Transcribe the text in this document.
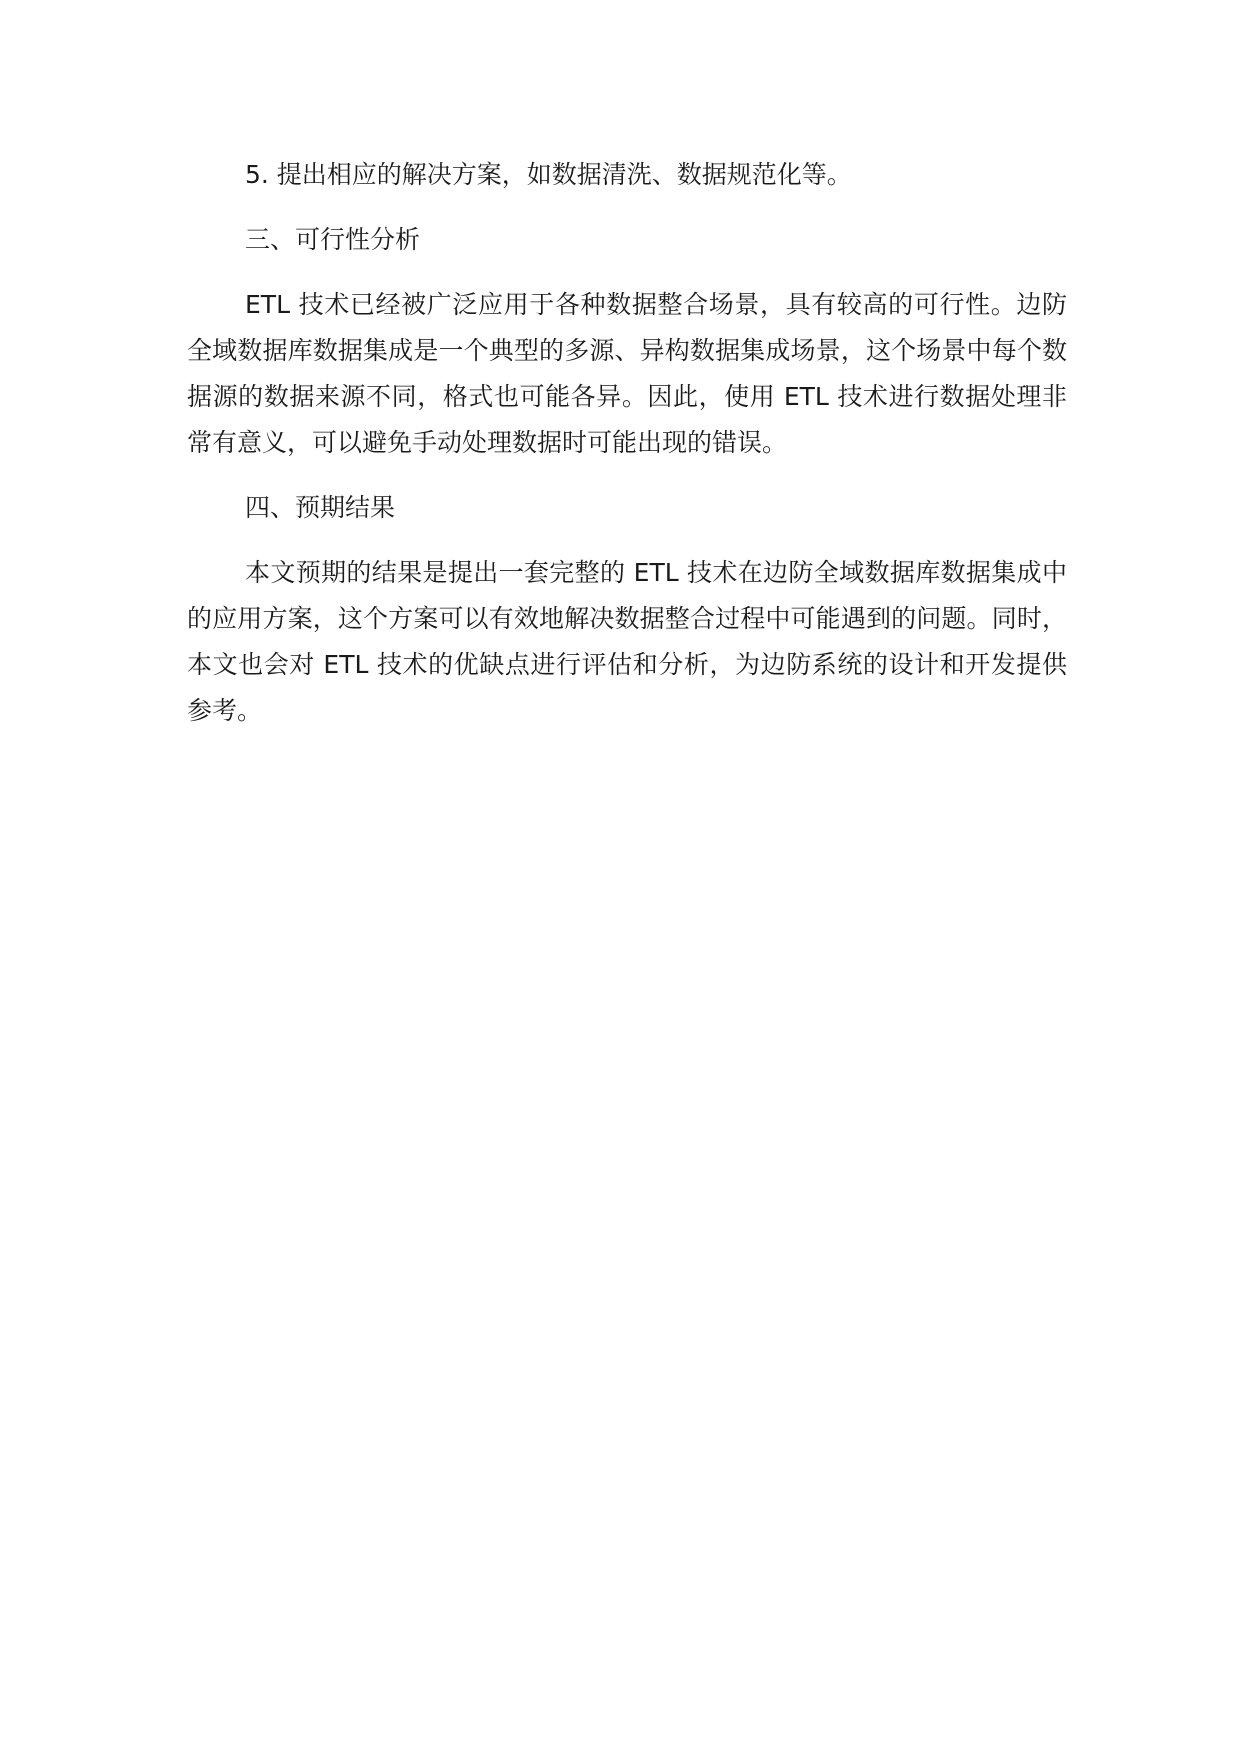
5. 提出相应的解决方案，如数据清洗、数据规范化等。

三、可行性分析

ETL 技术已经被广泛应用于各种数据整合场景，具有较高的可行性。边防全域数据库数据集成是一个典型的多源、异构数据集成场景，这个场景中每个数据源的数据来源不同，格式也可能各异。因此，使用 ETL 技术进行数据处理非常有意义，可以避免手动处理数据时可能出现的错误。

四、预期结果

本文预期的结果是提出一套完整的 ETL 技术在边防全域数据库数据集成中的应用方案，这个方案可以有效地解决数据整合过程中可能遇到的问题。同时，本文也会对 ETL 技术的优缺点进行评估和分析，为边防系统的设计和开发提供参考。
